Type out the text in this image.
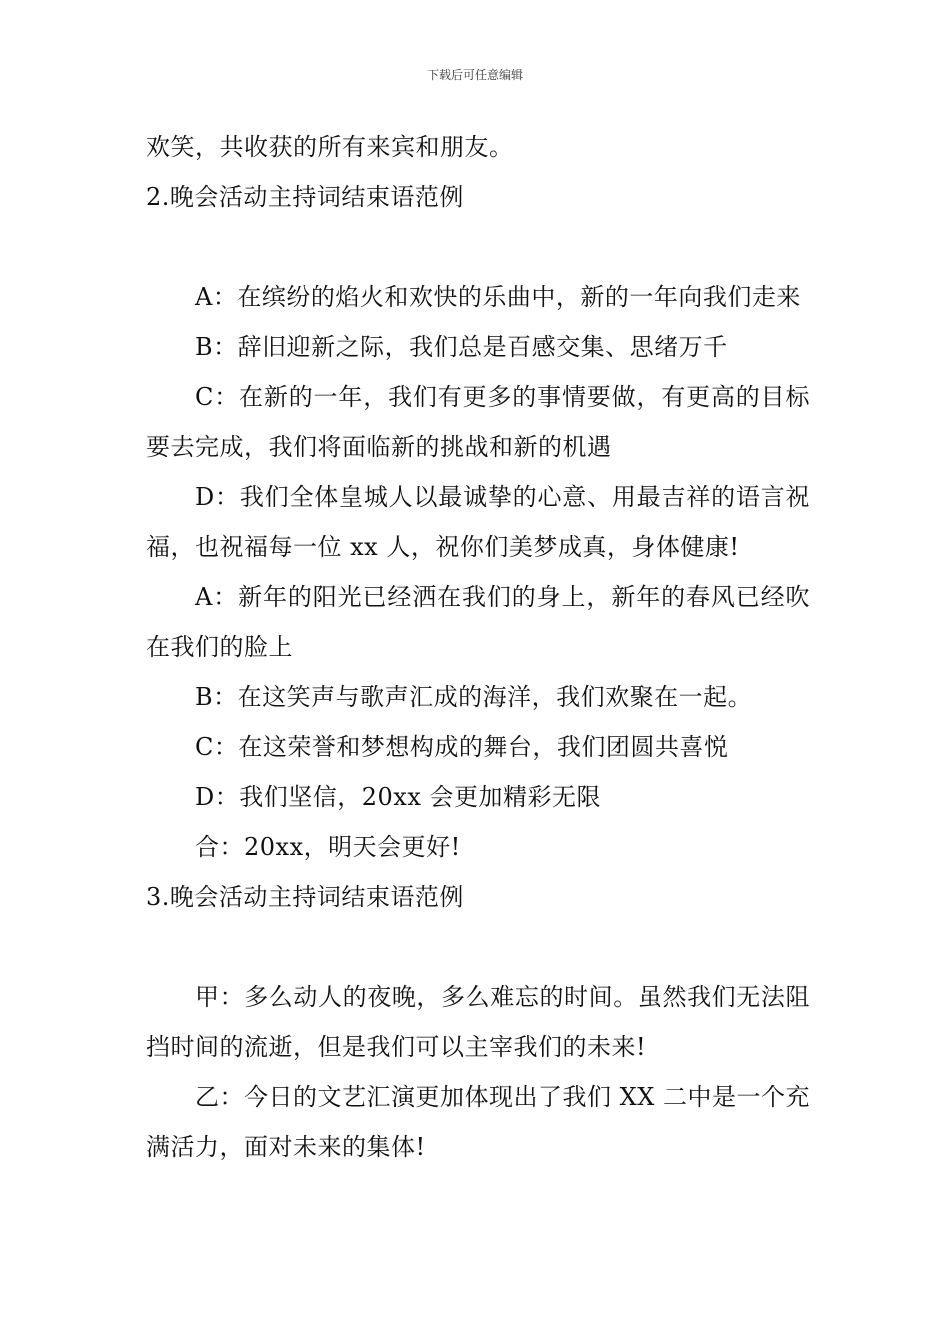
下载后可任意编辑

欢笑，共收获的所有来宾和朋友。

2.晚会活动主持词结束语范例

A：在缤纷的焰火和欢快的乐曲中，新的一年向我们走来

B：辞旧迎新之际，我们总是百感交集、思绪万千

C：在新的一年，我们有更多的事情要做，有更高的目标要去完成，我们将面临新的挑战和新的机遇

D：我们全体皇城人以最诚挚的心意、用最吉祥的语言祝福，也祝福每一位 xx 人，祝你们美梦成真，身体健康!

A：新年的阳光已经洒在我们的身上，新年的春风已经吹在我们的脸上

B：在这笑声与歌声汇成的海洋，我们欢聚在一起。

C：在这荣誉和梦想构成的舞台，我们团圆共喜悦

D：我们坚信，20xx 会更加精彩无限

合：20xx，明天会更好!

3.晚会活动主持词结束语范例

甲：多么动人的夜晚，多么难忘的时间。虽然我们无法阻挡时间的流逝，但是我们可以主宰我们的未来!

乙：今日的文艺汇演更加体现出了我们 XX 二中是一个充满活力，面对未来的集体!
